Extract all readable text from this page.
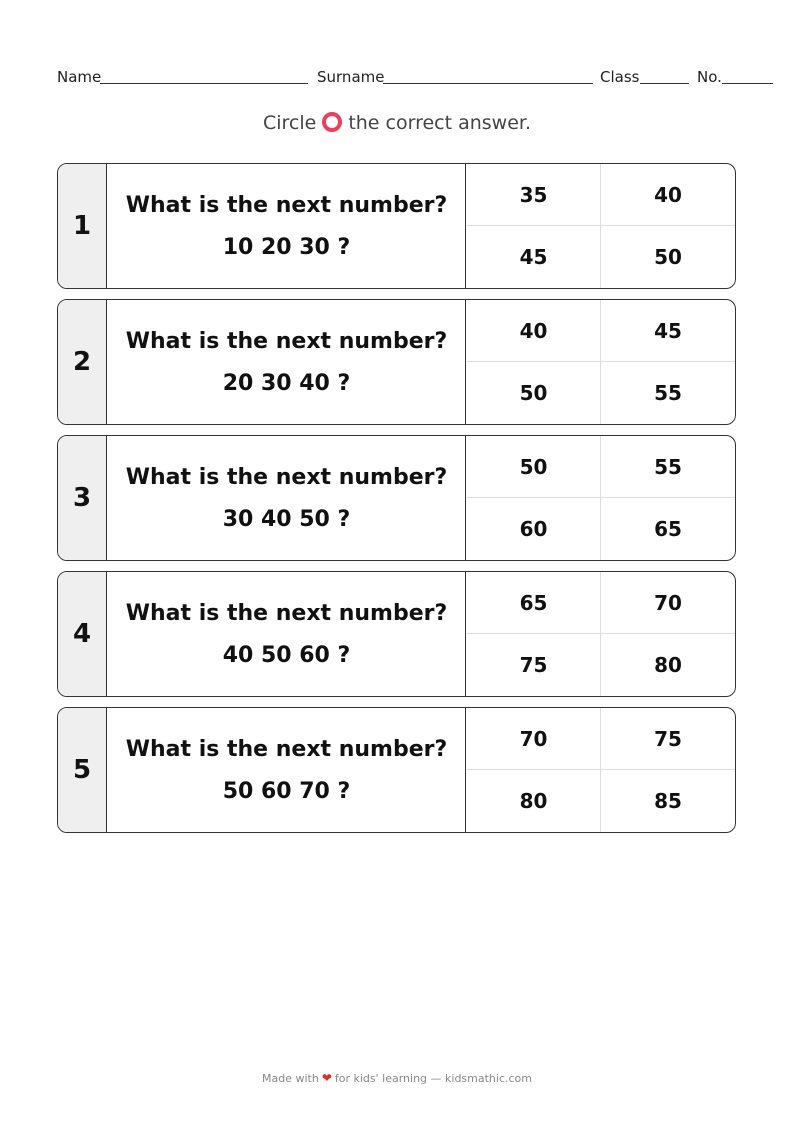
Name	Surname	Class	No.
Circle the correct answer.
1
What is the next number?
10 20 30 ?
35	40
45	50
2
What is the next number?
20 30 40 ?
40	45
50	55
3
What is the next number?
30 40 50 ?
50	55
60	65
4
What is the next number?
40 50 60 ?
65	70
75	80
5
What is the next number?
50 60 70 ?
70	75
80	85
Made with ❤ for kids' learning — kidsmathic.com
